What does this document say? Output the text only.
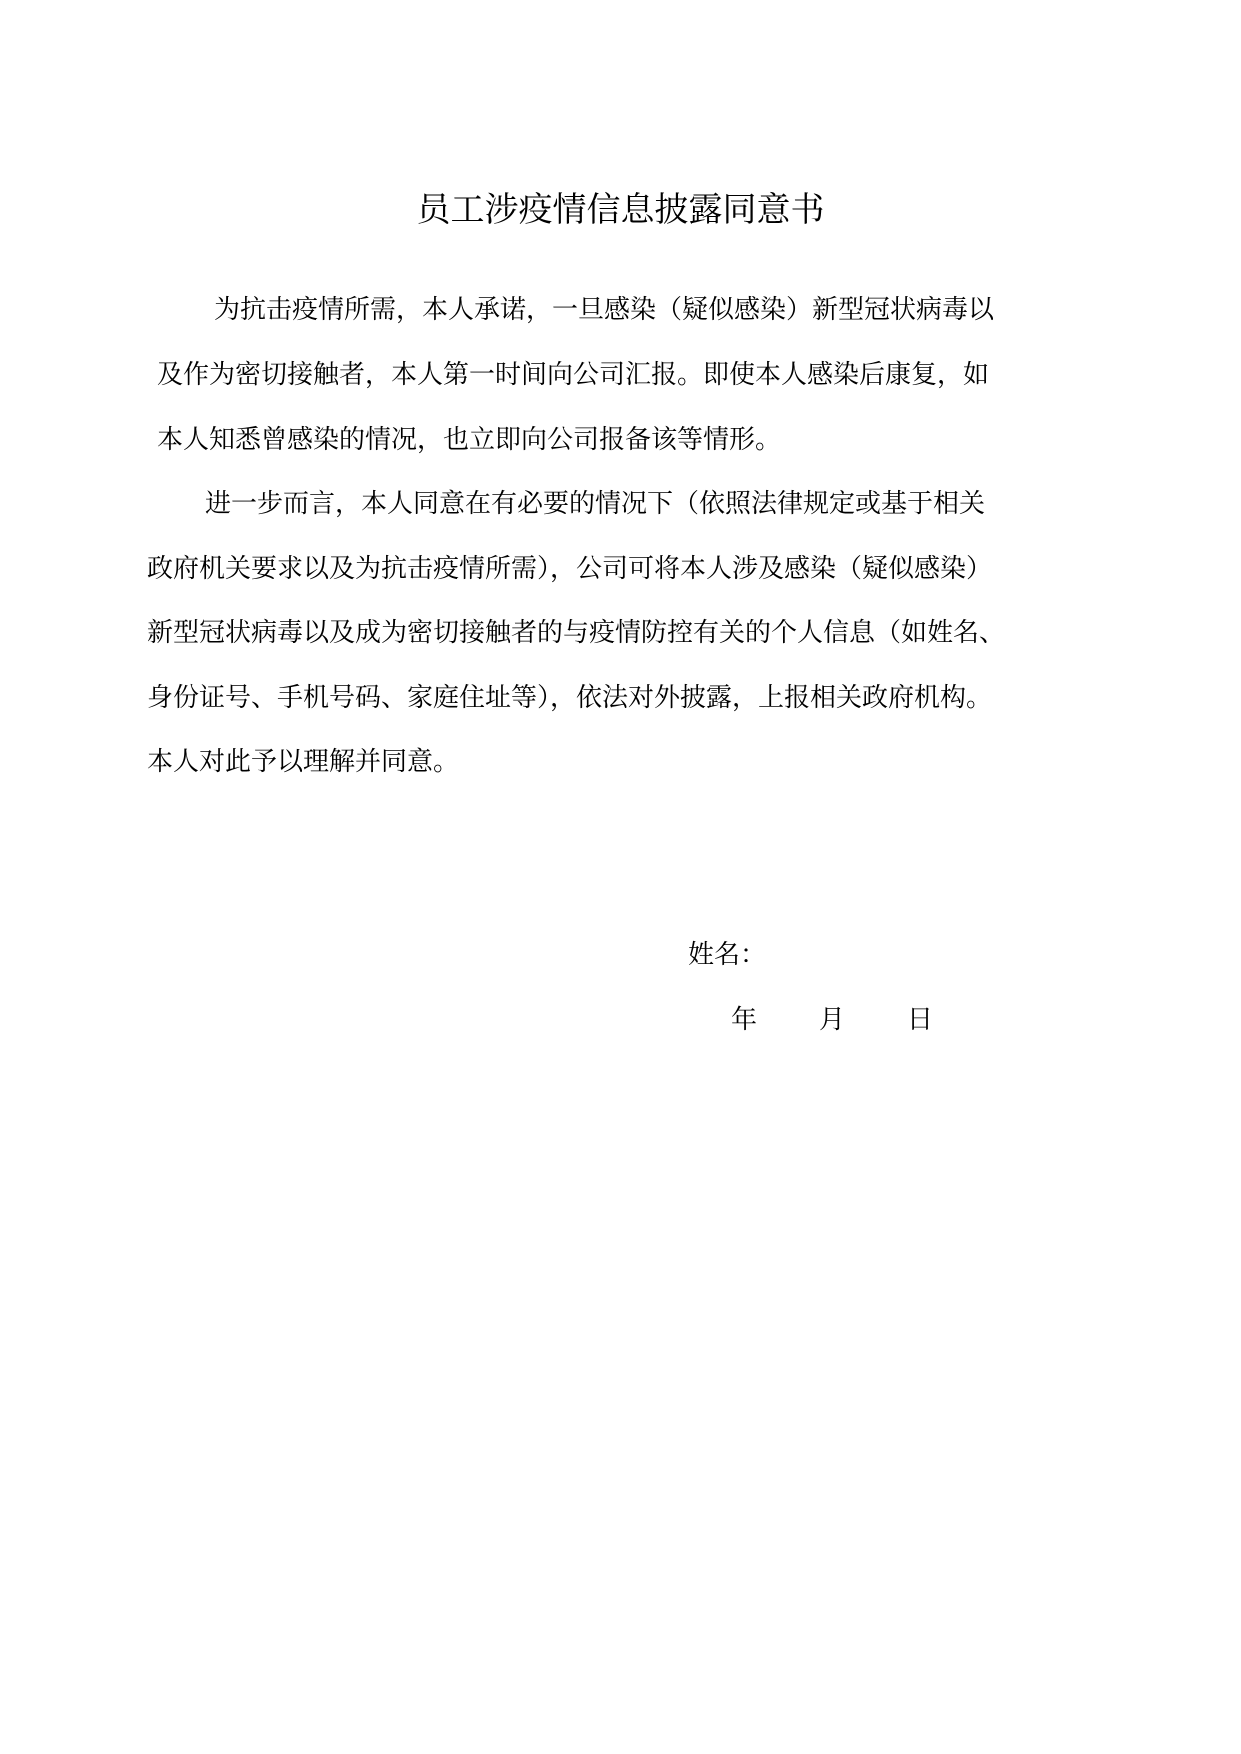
员工涉疫情信息披露同意书
为抗击疫情所需，本人承诺，一旦感染（疑似感染）新型冠状病毒以
及作为密切接触者，本人第一时间向公司汇报。即使本人感染后康复，如
本人知悉曾感染的情况，也立即向公司报备该等情形。
进一步而言，本人同意在有必要的情况下（依照法律规定或基于相关
政府机关要求以及为抗击疫情所需），公司可将本人涉及感染（疑似感染）
新型冠状病毒以及成为密切接触者的与疫情防控有关的个人信息（如姓名、
身份证号、手机号码、家庭住址等），依法对外披露，上报相关政府机构。
本人对此予以理解并同意。
姓名：
年 月 日
